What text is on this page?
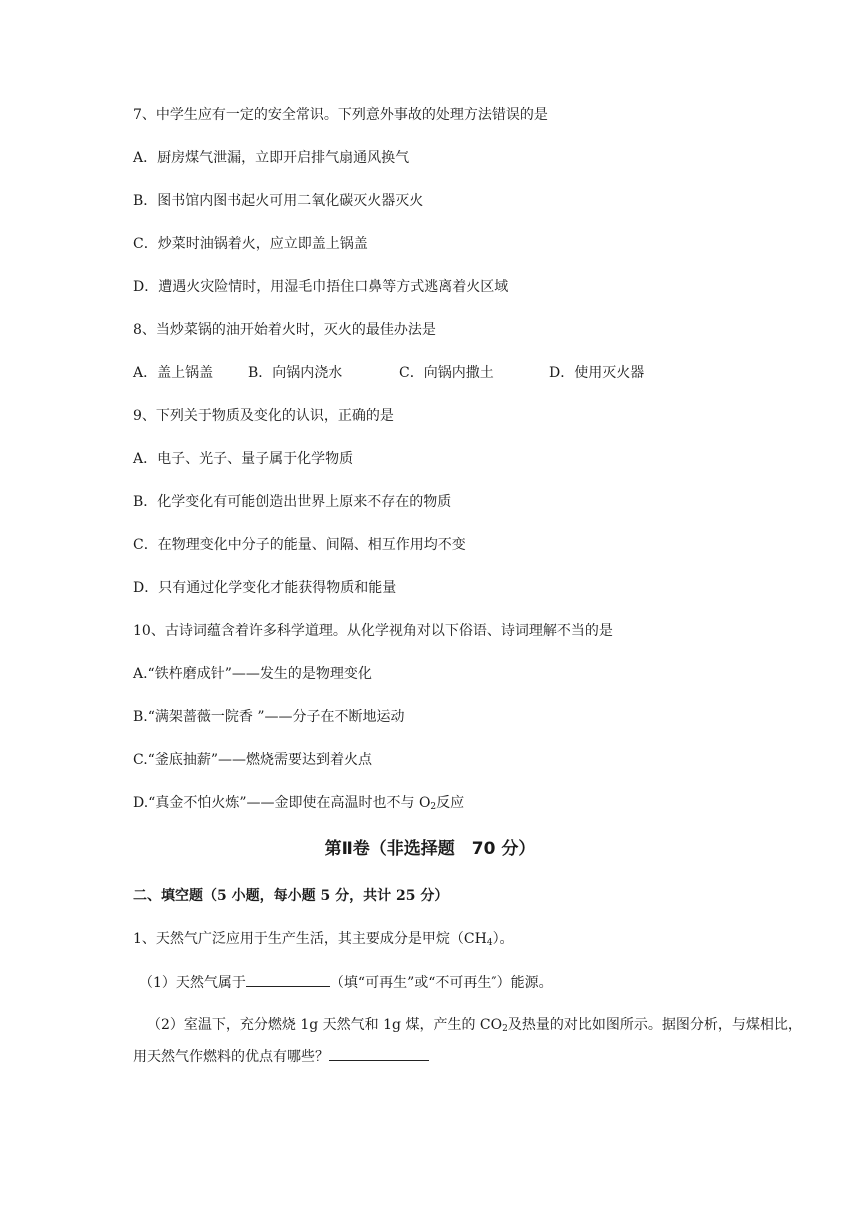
7、中学生应有一定的安全常识。下列意外事故的处理方法错误的是
A．厨房煤气泄漏，立即开启排气扇通风换气
B．图书馆内图书起火可用二氧化碳灭火器灭火
C．炒菜时油锅着火，应立即盖上锅盖
D．遭遇火灾险情时，用湿毛巾捂住口鼻等方式逃离着火区域
8、当炒菜锅的油开始着火时，灭火的最佳办法是
A．盖上锅盖 B．向锅内浇水	C．向锅内撒土	D．使用灭火器
9、下列关于物质及变化的认识，正确的是
A．电子、光子、量子属于化学物质
B．化学变化有可能创造出世界上原来不存在的物质
C．在物理变化中分子的能量、间隔、相互作用均不变
D．只有通过化学变化才能获得物质和能量
10、古诗词蕴含着许多科学道理。从化学视角对以下俗语、诗词理解不当的是
A.“铁杵磨成针”——发生的是物理变化
B.“满架蔷薇一院香 ”——分子在不断地运动
C.“釜底抽薪”——燃烧需要达到着火点
D.“真金不怕火炼”——金即使在高温时也不与 $O_2$反应
第Ⅱ卷（非选择题　70 分）
二、填空题（5 小题，每小题 5 分，共计 25 分）
1、天然气广泛应用于生产生活，其主要成分是甲烷$(CH_4)$。
（1）天然气属于	（填“可再生”或“不可再生″）能源。
（2）室温下，充分燃烧 1g 天然气和 1g 煤，产生的 $CO_2$及热量的对比如图所示。据图分析，与煤相比，用天然气作燃料的优点有哪些？
